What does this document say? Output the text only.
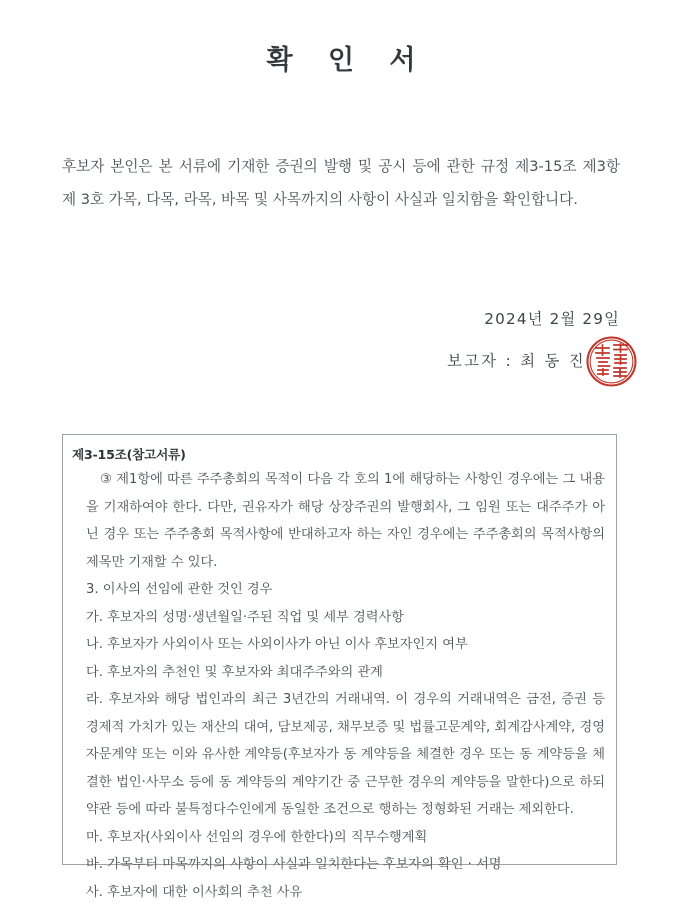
확 인 서
후보자 본인은 본 서류에 기재한 증권의 발행 및 공시 등에 관한 규정 제3-15조 제3항 제 3호 가목, 다목, 라목, 바목 및 사목까지의 사항이 사실과 일치함을 확인합니다.
2024년 2월 29일
보고자 : 최 동 진
제3-15조(참고서류)
③ 제1항에 따른 주주총회의 목적이 다음 각 호의 1에 해당하는 사항인 경우에는 그 내용을 기재하여야 한다. 다만, 권유자가 해당 상장주권의 발행회사, 그 임원 또는 대주주가 아닌 경우 또는 주주총회 목적사항에 반대하고자 하는 자인 경우에는 주주총회의 목적사항의 제목만 기재할 수 있다.
3. 이사의 선임에 관한 것인 경우
가. 후보자의 성명·생년월일·주된 직업 및 세부 경력사항
나. 후보자가 사외이사 또는 사외이사가 아닌 이사 후보자인지 여부
다. 후보자의 추천인 및 후보자와 최대주주와의 관계
라. 후보자와 해당 법인과의 최근 3년간의 거래내역. 이 경우의 거래내역은 금전, 증권 등 경제적 가치가 있는 재산의 대여, 담보제공, 채무보증 및 법률고문계약, 회계감사계약, 경영자문계약 또는 이와 유사한 계약등(후보자가 동 계약등을 체결한 경우 또는 동 계약등을 체결한 법인·사무소 등에 동 계약등의 계약기간 중 근무한 경우의 계약등을 말한다)으로 하되 약관 등에 따라 불특정다수인에게 동일한 조건으로 행하는 정형화된 거래는 제외한다.
마. 후보자(사외이사 선임의 경우에 한한다)의 직무수행계획
바. 가목부터 마목까지의 사항이 사실과 일치한다는 후보자의 확인 · 서명
사. 후보자에 대한 이사회의 추천 사유
